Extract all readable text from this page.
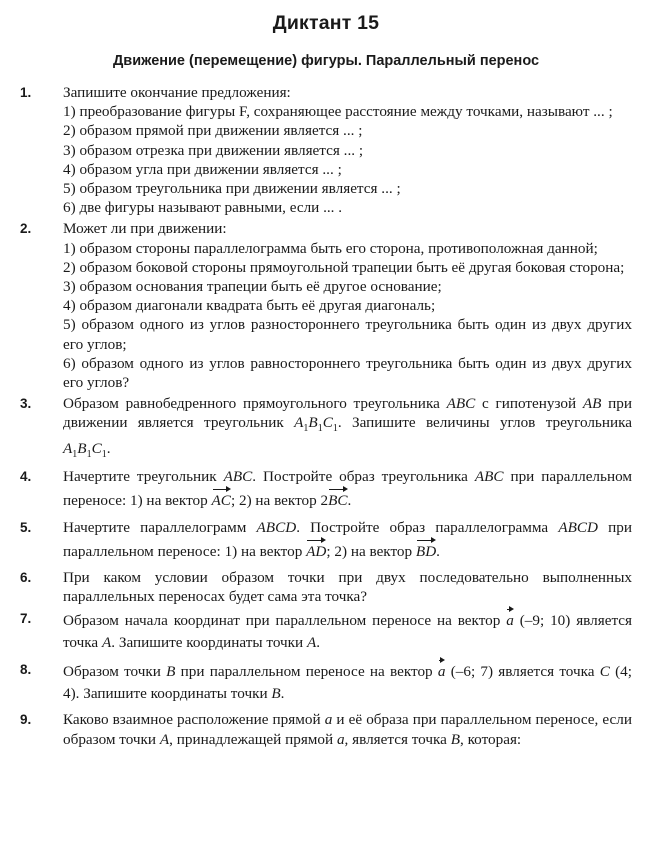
Диктант 15
Движение (перемещение) фигуры. Параллельный перенос
1.	Запишите окончание предложения:
1) преобразование фигуры F, сохраняющее расстояние между точками, называют ... ;
2) образом прямой при движении является ... ;
3) образом отрезка при движении является ... ;
4) образом угла при движении является ... ;
5) образом треугольника при движении является ... ;
6) две фигуры называют равными, если ... .
2.	Может ли при движении:
1) образом стороны параллелограмма быть его сторона, противоположная данной;
2) образом боковой стороны прямоугольной трапеции быть её другая боковая сторона;
3) образом основания трапеции быть её другое основание;
4) образом диагонали квадрата быть её другая диагональ;
5) образом одного из углов разностороннего треугольника быть один из двух других его углов;
6) образом одного из углов равностороннего треугольника быть один из двух других его углов?
3.	Образом равнобедренного прямоугольного треугольника ABC с гипотенузой AB при движении является треугольник $A_1B_1C_1$. Запишите величины углов треугольника $A_1B_1C_1$.
4.	Начертите треугольник ABC. Постройте образ треугольника ABC при параллельном переносе: 1) на вектор AC; 2) на вектор 2BC.
5.	Начертите параллелограмм ABCD. Постройте образ параллелограмма ABCD при параллельном переносе: 1) на вектор AD; 2) на вектор BD.
6.	При каком условии образом точки при двух последовательно выполненных параллельных переносах будет сама эта точка?
7.	Образом начала координат при параллельном переносе на вектор a (–9; 10) является точка A. Запишите координаты точки A.
8.	Образом точки B при параллельном переносе на вектор a (–6; 7) является точка C (4; 4). Запишите координаты точки B.
9.	Каково взаимное расположение прямой a и её образа при параллельном переносе, если образом точки A, принадлежащей прямой a, является точка B, которая:
